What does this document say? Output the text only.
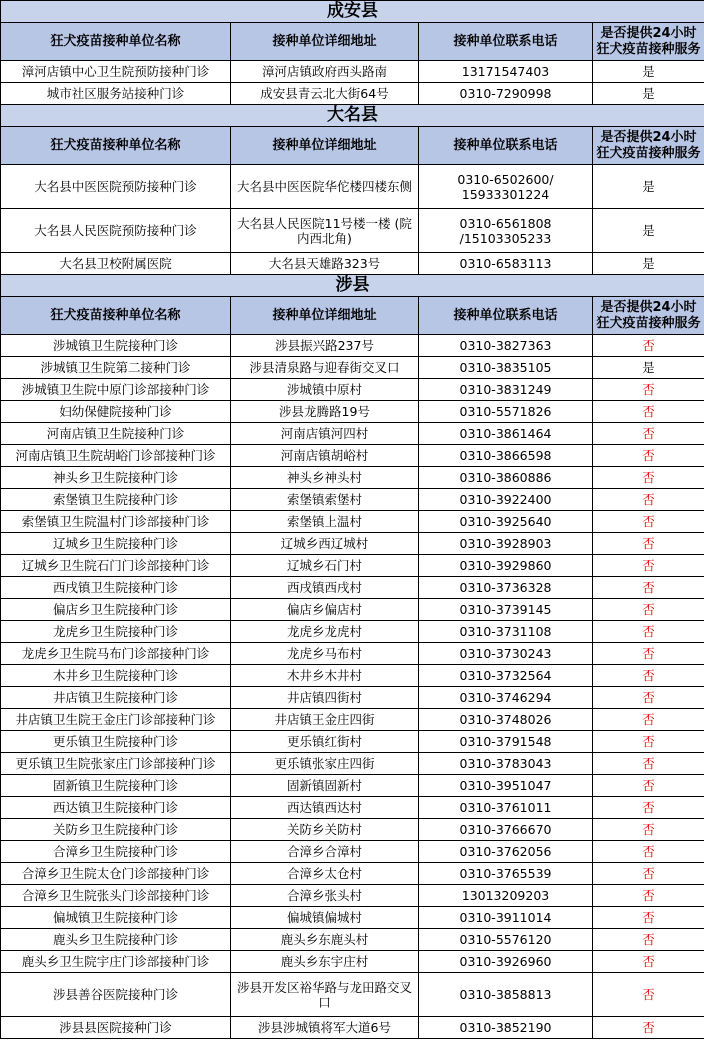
成安县			
狂犬疫苗接种单位名称	接种单位详细地址	接种单位联系电话	是否提供24小时
狂犬疫苗接种服务

漳河店镇中心卫生院预防接种门诊	漳河店镇政府西头路南	13171547403	是
城市社区服务站接种门诊	成安县青云北大街64号	0310-7290998	是
大名县			
狂犬疫苗接种单位名称	接种单位详细地址	接种单位联系电话	是否提供24小时
狂犬疫苗接种服务

大名县中医医院预防接种门诊	大名县中医医院华佗楼四楼东侧	0310-6502600/ 15933301224	是
大名县人民医院预防接种门诊	大名县人民医院11号楼一楼 (院内西北角)	0310-6561808 /15103305233	是
大名县卫校附属医院	大名县天雄路323号	0310-6583113	是
涉县			
狂犬疫苗接种单位名称	接种单位详细地址	接种单位联系电话	是否提供24小时
狂犬疫苗接种服务

涉城镇卫生院接种门诊	涉县振兴路237号	0310-3827363	否
涉城镇卫生院第二接种门诊	涉县清泉路与迎春街交叉口	0310-3835105	是
涉城镇卫生院中原门诊部接种门诊	涉城镇中原村	0310-3831249	否
妇幼保健院接种门诊	涉县龙腾路19号	0310-5571826	否
河南店镇卫生院接种门诊	河南店镇河四村	0310-3861464	否
河南店镇卫生院胡峪门诊部接种门诊	河南店镇胡峪村	0310-3866598	否
神头乡卫生院接种门诊	神头乡神头村	0310-3860886	否
索堡镇卫生院接种门诊	索堡镇索堡村	0310-3922400	否
索堡镇卫生院温村门诊部接种门诊	索堡镇上温村	0310-3925640	否
辽城乡卫生院接种门诊	辽城乡西辽城村	0310-3928903	否
辽城乡卫生院石门门诊部接种门诊	辽城乡石门村	0310-3929860	否
西戌镇卫生院接种门诊	西戌镇西戌村	0310-3736328	否
偏店乡卫生院接种门诊	偏店乡偏店村	0310-3739145	否
龙虎乡卫生院接种门诊	龙虎乡龙虎村	0310-3731108	否
龙虎乡卫生院马布门诊部接种门诊	龙虎乡马布村	0310-3730243	否
木井乡卫生院接种门诊	木井乡木井村	0310-3732564	否
井店镇卫生院接种门诊	井店镇四街村	0310-3746294	否
井店镇卫生院王金庄门诊部接种门诊	井店镇王金庄四街	0310-3748026	否
更乐镇卫生院接种门诊	更乐镇红街村	0310-3791548	否
更乐镇卫生院张家庄门诊部接种门诊	更乐镇张家庄四街	0310-3783043	否
固新镇卫生院接种门诊	固新镇固新村	0310-3951047	否
西达镇卫生院接种门诊	西达镇西达村	0310-3761011	否
关防乡卫生院接种门诊	关防乡关防村	0310-3766670	否
合漳乡卫生院接种门诊	合漳乡合漳村	0310-3762056	否
合漳乡卫生院太仓门诊部接种门诊	合漳乡太仓村	0310-3765539	否
合漳乡卫生院张头门诊部接种门诊	合漳乡张头村	13013209203	否
偏城镇卫生院接种门诊	偏城镇偏城村	0310-3911014	否
鹿头乡卫生院接种门诊	鹿头乡东鹿头村	0310-5576120	否
鹿头乡卫生院宇庄门诊部接种门诊	鹿头乡东宇庄村	0310-3926960	否
涉县善谷医院接种门诊	涉县开发区裕华路与龙田路交叉口	0310-3858813	否
涉县县医院接种门诊	涉县涉城镇将军大道6号	0310-3852190	否
